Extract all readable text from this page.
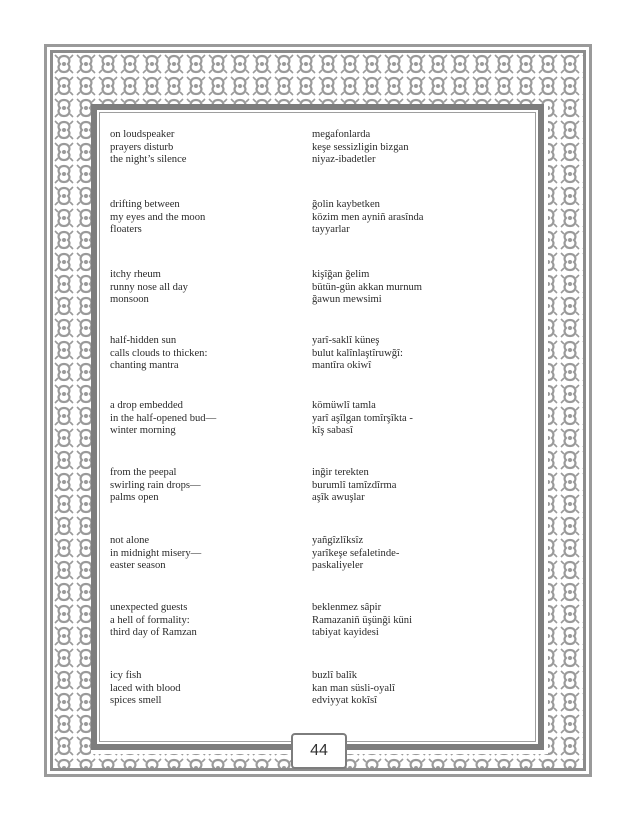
on loudspeaker
prayers disturb
the night’s silence
megafonlarda
keşe sessizligin bizgan
niyaz-ibadetler
drifting between
my eyes and the moon
floaters
ğolin kaybetken
közim men ayniñ arasînda
tayyarlar
itchy rheum
runny nose all day
monsoon
kişîğan ğelim
bütün-gün akkan murnum
ğawun mewsimi
half-hidden sun
calls clouds to thicken:
chanting mantra
yarî-saklî küneş
bulut kalînlaştîruwğî:
mantîra okiwî
a drop embedded
in the half-opened bud—
winter morning
kömüwlî tamla
yarî aşîlgan tomîrşîkta -
kîş sabasî
from the peepal
swirling rain drops—
palms open
inğir terekten
burumlî tamîzdîrma
aşîk awuşlar
not alone
in midnight misery—
easter season
yañgîzlîksîz
yarîkeşe sefaletinde-
paskaliyeler
unexpected guests
a hell of formality:
third day of Ramzan
beklenmez sâpir
Ramazaniñ üşünği küni
tabiyat kayidesi
icy fish
laced with blood
spices smell
buzlî balîk
kan man süsli-oyalî
edviyyat kokîsî
44
